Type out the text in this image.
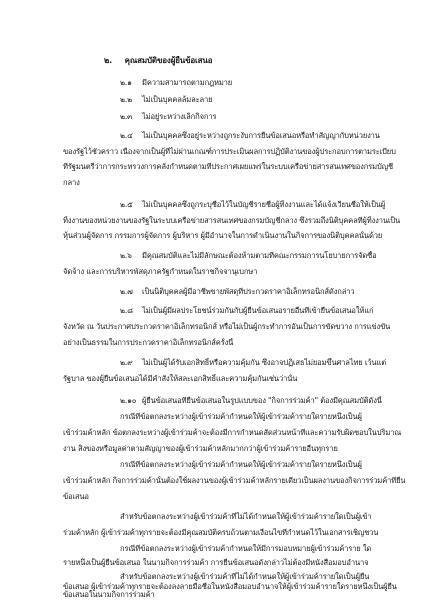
๒. คุณสมบัติของผู้ยื่นข้อเสนอ

๒.๑ มีความสามารถตามกฎหมาย

๒.๒ ไม่เป็นบุคคลล้มละลาย

๒.๓ ไม่อยู่ระหว่างเลิกกิจการ

๒.๔ ไม่เป็นบุคคลซึ่งอยู่ระหว่างถูกระงับการยื่นข้อเสนอหรือทำสัญญากับหน่วยงาน

ของรัฐไว้ชั่วคราว เนื่องจากเป็นผู้ที่ไม่ผ่านเกณฑ์การประเมินผลการปฏิบัติงานของผู้ประกอบการตามระเบียบ

ที่รัฐมนตรีว่าการกระทรวงการคลังกำหนดตามที่ประกาศเผยแพร่ในระบบเครือข่ายสารสนเทศของกรมบัญชี

กลาง

๒.๕ ไม่เป็นบุคคลซึ่งถูกระบุชื่อไว้ในบัญชีรายชื่อผู้ทิ้งงานและได้แจ้งเวียนชื่อให้เป็นผู้

ทิ้งงานของหน่วยงานของรัฐในระบบเครือข่ายสารสนเทศของกรมบัญชีกลาง ซึ่งรวมถึงนิติบุคคลที่ผู้ทิ้งงานเป็น

หุ้นส่วนผู้จัดการ กรรมการผู้จัดการ ผู้บริหาร ผู้มีอำนาจในการดำเนินงานในกิจการของนิติบุคคลนั้นด้วย

๒.๖ มีคุณสมบัติและไม่มีลักษณะต้องห้ามตามที่คณะกรรมการนโยบายการจัดซื้อ

จัดจ้าง และการบริหารพัสดุภาครัฐกำหนดในราชกิจจานุเบกษา

๒.๗ เป็นนิติบุคคลผู้มีอาชีพขายพัสดุที่ประกวดราคาอิเล็กทรอนิกส์ดังกล่าว

๒.๘ ไม่เป็นผู้มีผลประโยชน์ร่วมกันกับผู้ยื่นข้อเสนอรายอื่นที่เข้ายื่นข้อเสนอให้แก่

จังหวัด ณ วันประกาศประกวดราคาอิเล็กทรอนิกส์ หรือไม่เป็นผู้กระทำการอันเป็นการขัดขวาง การแข่งขัน

อย่างเป็นธรรมในการประกวดราคาอิเล็กทรอนิกส์ครั้งนี้

๒.๙ ไม่เป็นผู้ได้รับเอกสิทธิ์หรือความคุ้มกัน ซึ่งอาจปฏิเสธไม่ยอมขึ้นศาลไทย เว้นแต่

รัฐบาล ของผู้ยื่นข้อเสนอได้มีคำสั่งให้สละเอกสิทธิ์และความคุ้มกันเช่นว่านั้น

๒.๑๐ ผู้ยื่นข้อเสนอที่ยื่นข้อเสนอในรูปแบบของ "กิจการร่วมค้า" ต้องมีคุณสมบัติดังนี้

กรณีที่ข้อตกลงระหว่างผู้เข้าร่วมค้ากำหนดให้ผู้เข้าร่วมค้ารายใดรายหนึ่งเป็นผู้

เข้าร่วมค้าหลัก ข้อตกลงระหว่างผู้เข้าร่วมค้าจะต้องมีการกำหนดสัดส่วนหน้าที่และความรับผิดชอบในปริมาณ

งาน สิ่งของหรือมูลค่าตามสัญญาของผู้เข้าร่วมค้าหลักมากกว่าผู้เข้าร่วมค้ารายอื่นทุกราย

กรณีที่ข้อตกลงระหว่างผู้เข้าร่วมค้ากำหนดให้ผู้เข้าร่วมค้ารายใดรายหนึ่งเป็นผู้

เข้าร่วมค้าหลัก กิจการร่วมค้านั้นต้องใช้ผลงานของผู้เข้าร่วมค้าหลักรายเดียวเป็นผลงานของกิจการร่วมค้าที่ยื่น

ข้อเสนอ

สำหรับข้อตกลงระหว่างผู้เข้าร่วมค้าที่ไม่ได้กำหนดให้ผู้เข้าร่วมค้ารายใดเป็นผู้เข้า

ร่วมค้าหลัก ผู้เข้าร่วมค้าทุกรายจะต้องมีคุณสมบัติครบถ้วนตามเงื่อนไขที่กำหนดไว้ในเอกสารเชิญชวน

กรณีที่ข้อตกลงระหว่างผู้เข้าร่วมค้ากำหนดให้มีการมอบหมายผู้เข้าร่วมค้าราย ใด

รายหนึ่งเป็นผู้ยื่นข้อเสนอ ในนามกิจการร่วมค้า การยื่นข้อเสนอดังกล่าวไม่ต้องมีหนังสือมอบอำนาจ

สำหรับข้อตกลงระหว่างผู้เข้าร่วมค้าที่ไม่ได้กำหนดให้ผู้เข้าร่วมค้ารายใดเป็นผู้ยื่น

ข้อเสนอ ผู้เข้าร่วมค้าทุกรายจะต้องลงลายมือชื่อในหนังสือมอบอำนาจให้ผู้เข้าร่วมค้ารายใดรายหนึ่งเป็นผู้ยื่น

ข้อเสนอในนามกิจการร่วมค้า
